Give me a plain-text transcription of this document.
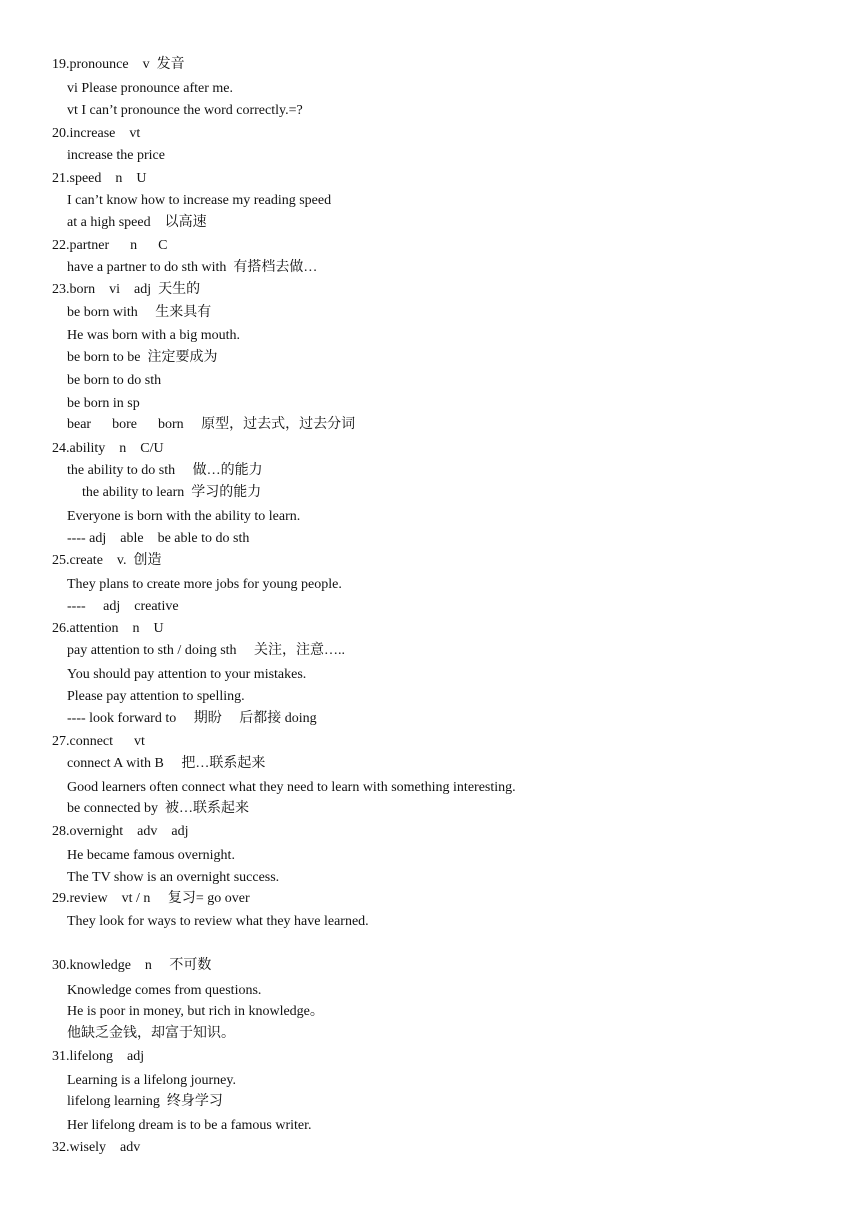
19.pronounce    v  发音
vi Please pronounce after me.
vt I can’t pronounce the word correctly.=?
20.increase    vt
increase the price
21.speed    n    U
I can’t know how to increase my reading speed
at a high speed    以高速
22.partner      n      C
have a partner to do sth with  有搭档去做…
23.born    vi    adj  天生的
be born with     生来具有
He was born with a big mouth.
be born to be  注定要成为
be born to do sth
be born in sp
bear      bore      born     原型，过去式，过去分词
24.ability    n    C/U
the ability to do sth     做…的能力
the ability to learn  学习的能力
Everyone is born with the ability to learn.
---- adj    able    be able to do sth
25.create    v.  创造
They plans to create more jobs for young people.
----     adj    creative
26.attention    n    U
pay attention to sth / doing sth     关注，注意…..
You should pay attention to your mistakes.
Please pay attention to spelling.
---- look forward to     期盼     后都接 doing
27.connect      vt
connect A with B     把…联系起来
Good learners often connect what they need to learn with something interesting.
be connected by  被…联系起来
28.overnight    adv    adj
He became famous overnight.
The TV show is an overnight success.
29.review    vt / n     复习= go over
They look for ways to review what they have learned.
30.knowledge    n     不可数
Knowledge comes from questions.
He is poor in money, but rich in knowledge。
他缺乏金钱，却富于知识。
31.lifelong    adj
Learning is a lifelong journey.
lifelong learning  终身学习
Her lifelong dream is to be a famous writer.
32.wisely    adv
